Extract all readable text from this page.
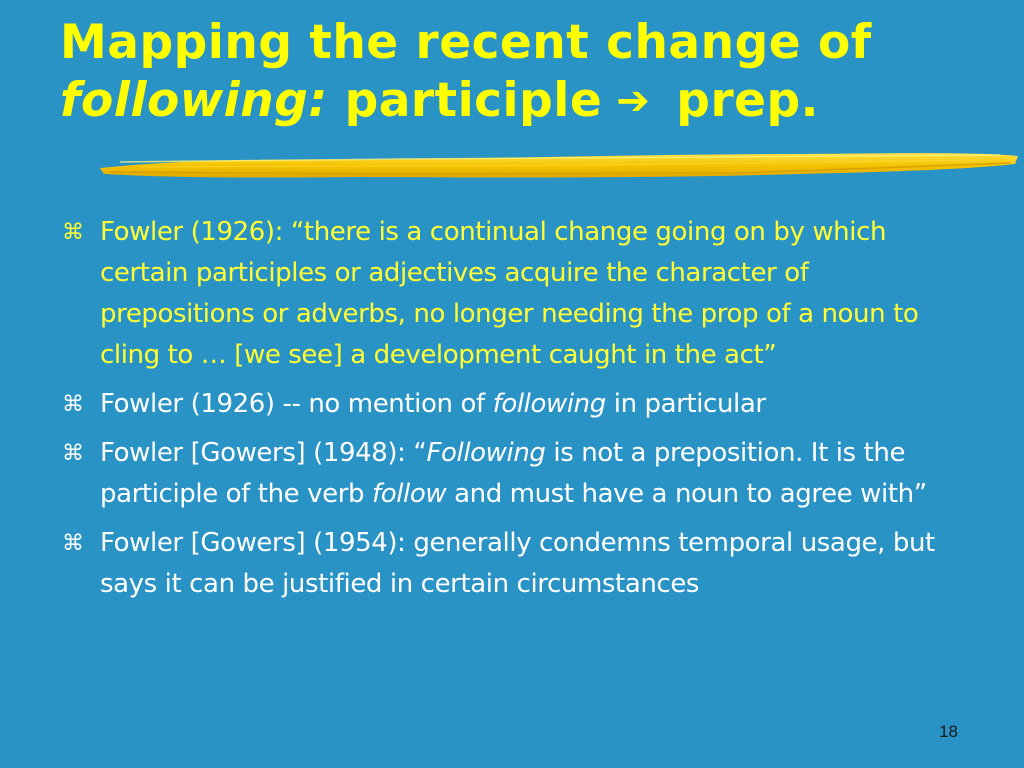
Mapping the recent change of
following: participle ➔ prep.
⌘ Fowler (1926): “there is a continual change going on by which certain participles or adjectives acquire the character of prepositions or adverbs, no longer needing the prop of a noun to cling to … [we see] a development caught in the act”
⌘ Fowler (1926) -- no mention of following in particular
⌘ Fowler [Gowers] (1948): “Following is not a preposition. It is the participle of the verb follow and must have a noun to agree with”
⌘ Fowler [Gowers] (1954): generally condemns temporal usage, but says it can be justified in certain circumstances
18
